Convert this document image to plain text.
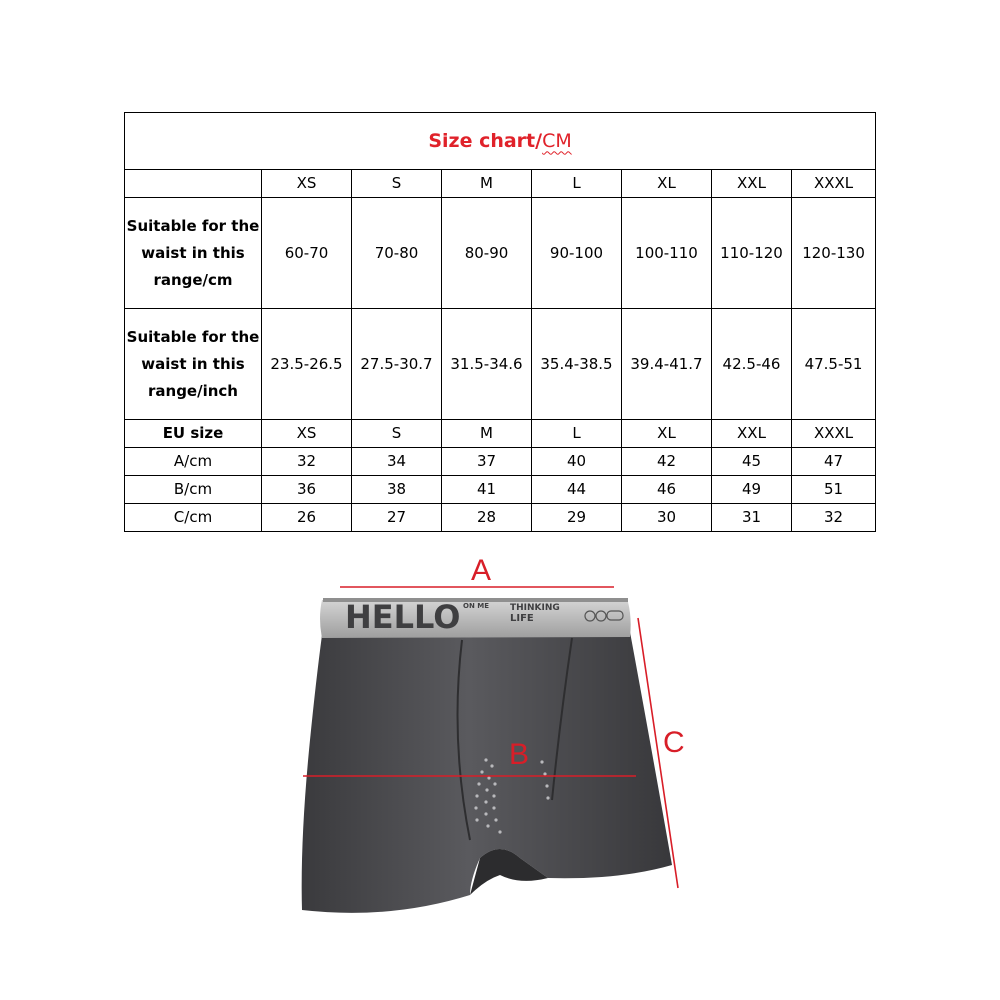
Size chart/CM							
	XS	S	M	L	XL	XXL	XXXL
Suitable for the waist in this range/cm	60-70	70-80	80-90	90-100	100-110	110-120	120-130
Suitable for the waist in this range/inch	23.5-26.5	27.5-30.7	31.5-34.6	35.4-38.5	39.4-41.7	42.5-46	47.5-51
EU size	XS	S	M	L	XL	XXL	XXXL
A/cm	32	34	37	40	42	45	47
B/cm	36	38	41	44	46	49	51
C/cm	26	27	28	29	30	31	32
HELLO ON ME THINKING
LIFE
A
B	C
